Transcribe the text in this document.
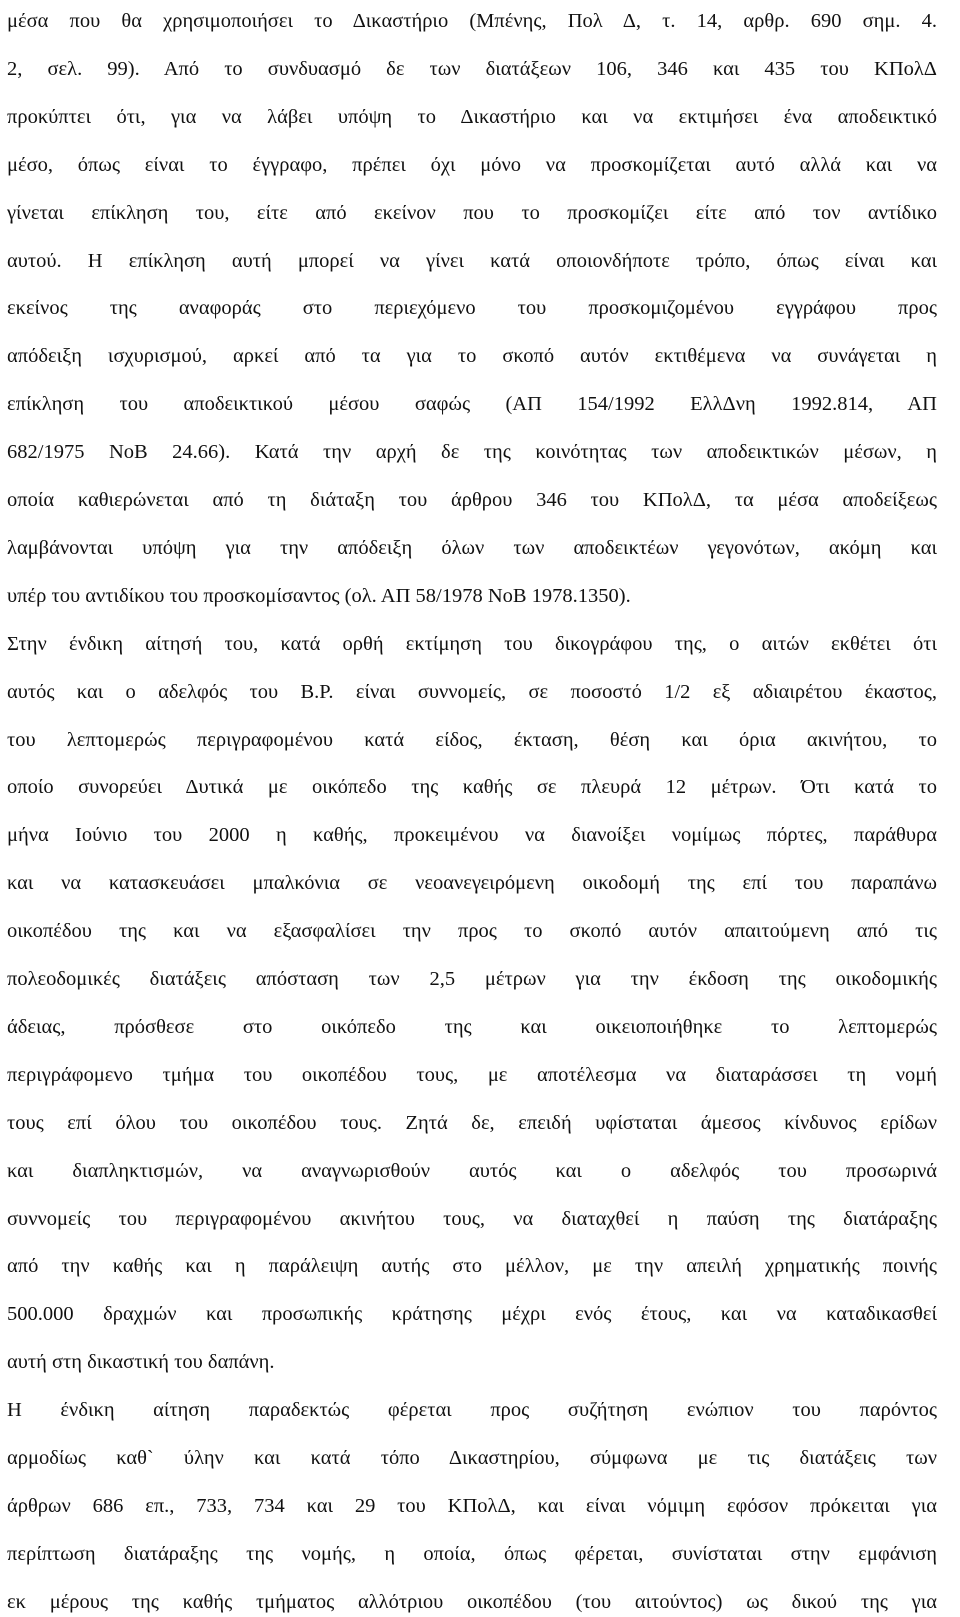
μέσα που θα χρησιμοποιήσει το Δικαστήριο (Μπένης, Πολ Δ, τ. 14, αρθρ. 690 σημ. 4.
2, σελ. 99). Από το συνδυασμό δε των διατάξεων 106, 346 και 435 του ΚΠολΔ
προκύπτει ότι, για να λάβει υπόψη το Δικαστήριο και να εκτιμήσει ένα αποδεικτικό
μέσο, όπως είναι το έγγραφο, πρέπει όχι μόνο να προσκομίζεται αυτό αλλά και να
γίνεται επίκληση του, είτε από εκείνον που το προσκομίζει είτε από τον αντίδικο
αυτού. Η επίκληση αυτή μπορεί να γίνει κατά οποιονδήποτε τρόπο, όπως είναι και
εκείνος της αναφοράς στο περιεχόμενο του προσκομιζομένου εγγράφου προς
απόδειξη ισχυρισμού, αρκεί από τα για το σκοπό αυτόν εκτιθέμενα να συνάγεται η
επίκληση του αποδεικτικού μέσου σαφώς (ΑΠ 154/1992 ΕλλΔνη 1992.814, ΑΠ
682/1975 ΝοΒ 24.66). Κατά την αρχή δε της κοινότητας των αποδεικτικών μέσων, η
οποία καθιερώνεται από τη διάταξη του άρθρου 346 του ΚΠολΔ, τα μέσα αποδείξεως
λαμβάνονται υπόψη για την απόδειξη όλων των αποδεικτέων γεγονότων, ακόμη και
υπέρ του αντιδίκου του προσκομίσαντος (ολ. ΑΠ 58/1978 ΝοΒ 1978.1350).
Στην ένδικη αίτησή του, κατά ορθή εκτίμηση του δικογράφου της, ο αιτών εκθέτει ότι
αυτός και ο αδελφός του Β.Ρ. είναι συννομείς, σε ποσοστό 1/2 εξ αδιαιρέτου έκαστος,
του λεπτομερώς περιγραφομένου κατά είδος, έκταση, θέση και όρια ακινήτου, το
οποίο συνορεύει Δυτικά με οικόπεδο της καθής σε πλευρά 12 μέτρων. Ότι κατά το
μήνα Ιούνιο του 2000 η καθής, προκειμένου να διανοίξει νομίμως πόρτες, παράθυρα
και να κατασκευάσει μπαλκόνια σε νεοανεγειρόμενη οικοδομή της επί του παραπάνω
οικοπέδου της και να εξασφαλίσει την προς το σκοπό αυτόν απαιτούμενη από τις
πολεοδομικές διατάξεις απόσταση των 2,5 μέτρων για την έκδοση της οικοδομικής
άδειας, πρόσθεσε στο οικόπεδο της και οικειοποιήθηκε το λεπτομερώς
περιγράφομενο τμήμα του οικοπέδου τους, με αποτέλεσμα να διαταράσσει τη νομή
τους επί όλου του οικοπέδου τους. Ζητά δε, επειδή υφίσταται άμεσος κίνδυνος ερίδων
και διαπληκτισμών, να αναγνωρισθούν αυτός και ο αδελφός του προσωρινά
συννομείς του περιγραφομένου ακινήτου τους, να διαταχθεί η παύση της διατάραξης
από την καθής και η παράλειψη αυτής στο μέλλον, με την απειλή χρηματικής ποινής
500.000 δραχμών και προσωπικής κράτησης μέχρι ενός έτους, και να καταδικασθεί
αυτή στη δικαστική του δαπάνη.
Η ένδικη αίτηση παραδεκτώς φέρεται προς συζήτηση ενώπιον του παρόντος
αρμοδίως καθ` ύλην και κατά τόπο Δικαστηρίου, σύμφωνα με τις διατάξεις των
άρθρων 686 επ., 733, 734 και 29 του ΚΠολΔ, και είναι νόμιμη εφόσον πρόκειται για
περίπτωση διατάραξης της νομής, η οποία, όπως φέρεται, συνίσταται στην εμφάνιση
εκ μέρους της καθής τμήματος αλλότριου οικοπέδου (του αιτούντος) ως δικού της για
